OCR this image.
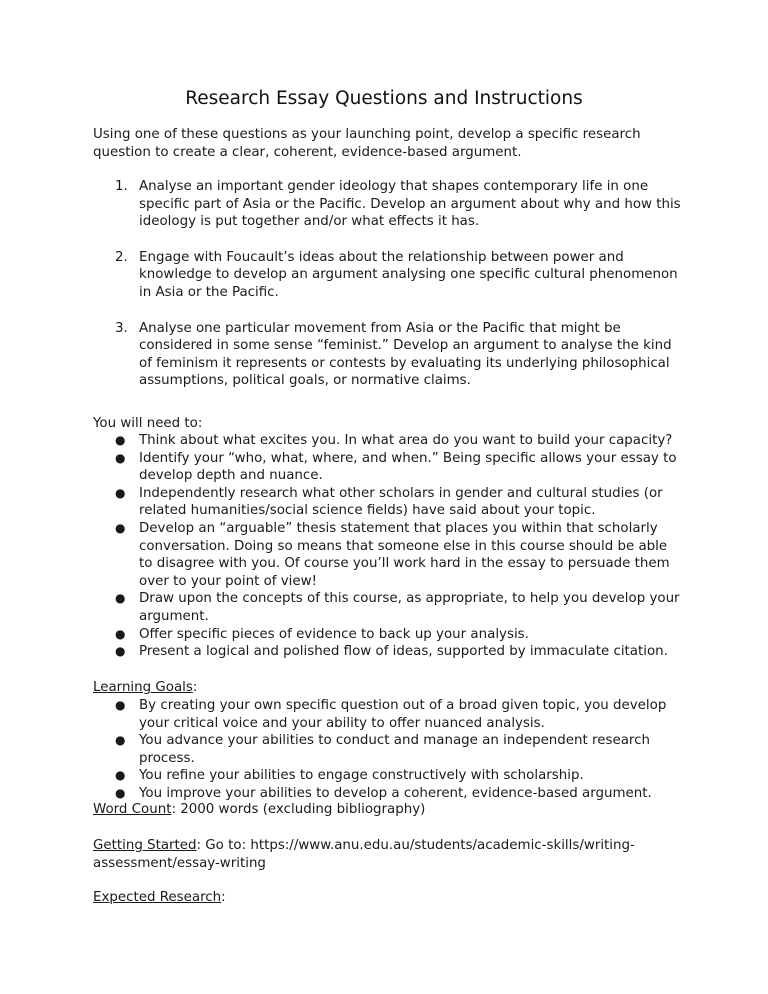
Research Essay Questions and Instructions
Using one of these questions as your launching point, develop a specific research question to create a clear, coherent, evidence-based argument.
1. Analyse an important gender ideology that shapes contemporary life in one specific part of Asia or the Pacific. Develop an argument about why and how this ideology is put together and/or what effects it has.
2. Engage with Foucault’s ideas about the relationship between power and knowledge to develop an argument analysing one specific cultural phenomenon in Asia or the Pacific.
3. Analyse one particular movement from Asia or the Pacific that might be considered in some sense “feminist.” Develop an argument to analyse the kind of feminism it represents or contests by evaluating its underlying philosophical assumptions, political goals, or normative claims.
You will need to:
● Think about what excites you. In what area do you want to build your capacity?
● Identify your “who, what, where, and when.” Being specific allows your essay to develop depth and nuance.
● Independently research what other scholars in gender and cultural studies (or related humanities/social science fields) have said about your topic.
● Develop an “arguable” thesis statement that places you within that scholarly conversation. Doing so means that someone else in this course should be able to disagree with you. Of course you’ll work hard in the essay to persuade them over to your point of view!
● Draw upon the concepts of this course, as appropriate, to help you develop your argument.
● Offer specific pieces of evidence to back up your analysis.
● Present a logical and polished flow of ideas, supported by immaculate citation.
Learning Goals:
● By creating your own specific question out of a broad given topic, you develop your critical voice and your ability to offer nuanced analysis.
● You advance your abilities to conduct and manage an independent research process.
● You refine your abilities to engage constructively with scholarship.
● You improve your abilities to develop a coherent, evidence-based argument.
Word Count: 2000 words (excluding bibliography)
Getting Started: Go to: https://www.anu.edu.au/students/academic-skills/writing-assessment/essay-writing
Expected Research:
